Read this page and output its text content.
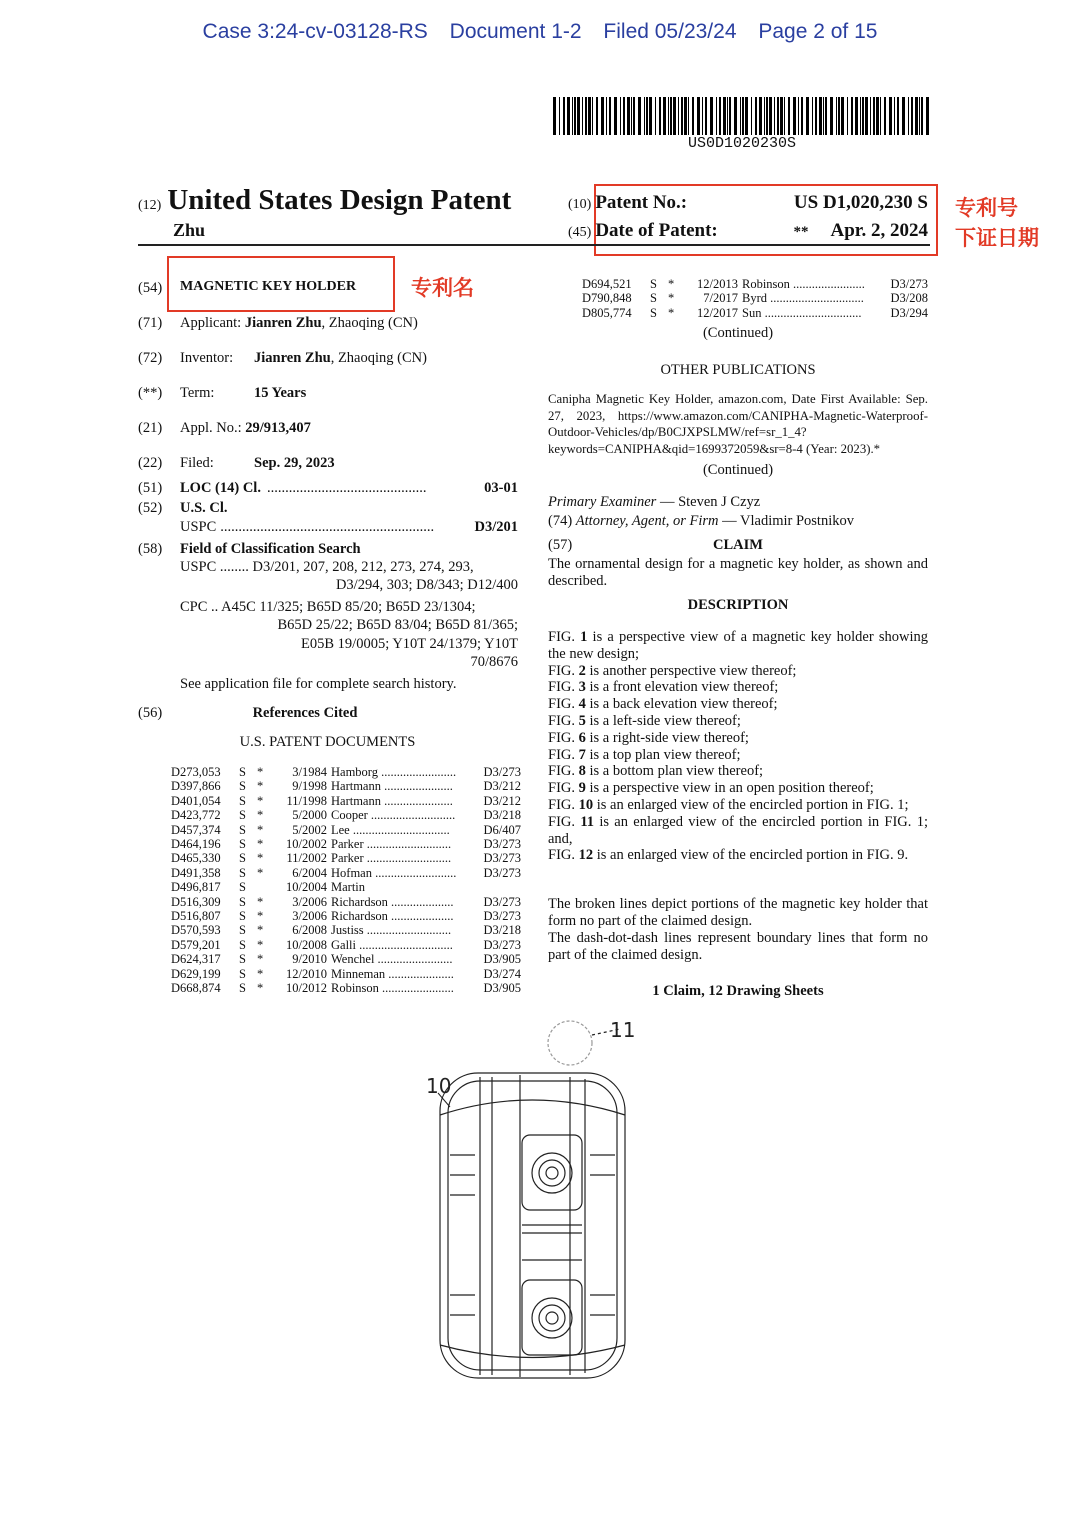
Case 3:24-cv-03128-RS Document 1-2 Filed 05/23/24 Page 2 of 15
US0D1020230S
(12) United States Design Patent
Zhu
(10) Patent No.:	US D1,020,230 S
(45) Date of Patent:	** Apr. 2, 2024
专利号
下证日期
(54)	MAGNETIC KEY HOLDER	专利名
(71) Applicant: Jianren Zhu, Zhaoqing (CN)
(72) Inventor: Jianren Zhu, Zhaoqing (CN)
(**) Term:	15 Years
(21) Appl. No.: 29/913,407
(22) Filed:	Sep. 29, 2023
(51)	LOC (14) Cl. ............................................	03-01
(52) U.S. Cl.
USPC ...........................................................	D3/201
(58) Field of Classification Search
USPC ........ D3/201, 207, 208, 212, 273, 274, 293,
D3/294, 303; D8/343; D12/400
CPC .. A45C 11/325; B65D 85/20; B65D 23/1304;
B65D 25/22; B65D 83/04; B65D 81/365;
E05B 19/0005; Y10T 24/1379; Y10T
70/8676
See application file for complete search history.
(56)	References Cited
U.S. PATENT DOCUMENTS
D273,053	S *	3/1984 Hamborg ........................	D3/273
D397,866	S *	9/1998 Hartmann ......................	D3/212
D401,054	S *	11/1998 Hartmann ......................	D3/212
D423,772	S *	5/2000 Cooper ...........................	D3/218
D457,374	S *	5/2002 Lee ...............................	D6/407
D464,196	S *	10/2002 Parker ...........................	D3/273
D465,330	S *	11/2002 Parker ...........................	D3/273
D491,358	S *	6/2004 Hofman ..........................	D3/273
D496,817	S	10/2004 Martin
D516,309	S *	3/2006 Richardson ....................	D3/273
D516,807	S *	3/2006 Richardson ....................	D3/273
D570,593	S *	6/2008 Justiss ...........................	D3/218
D579,201	S *	10/2008 Galli ..............................	D3/273
D624,317	S *	9/2010 Wenchel ........................	D3/905
D629,199	S *	12/2010 Minneman .....................	D3/274
D668,874	S *	10/2012 Robinson .......................	D3/905
D694,521	S *	12/2013 Robinson .......................	D3/273
D790,848	S *	7/2017 Byrd ..............................	D3/208
D805,774	S *	12/2017 Sun ...............................	D3/294
(Continued)
OTHER PUBLICATIONS
Canipha Magnetic Key Holder, amazon.com, Date First Available: Sep. 27, 2023, https://www.amazon.com/CANIPHA-Magnetic-Waterproof-Outdoor-Vehicles/dp/B0CJXPSLMW/ref=sr_1_4?keywords=CANIPHA&qid=1699372059&sr=8-4 (Year: 2023).*
(Continued)
Primary Examiner — Steven J Czyz
(74) Attorney, Agent, or Firm — Vladimir Postnikov
(57)	CLAIM
The ornamental design for a magnetic key holder, as shown and described.
DESCRIPTION
FIG. 1 is a perspective view of a magnetic key holder showing the new design;
FIG. 2 is another perspective view thereof;
FIG. 3 is a front elevation view thereof;
FIG. 4 is a back elevation view thereof;
FIG. 5 is a left-side view thereof;
FIG. 6 is a right-side view thereof;
FIG. 7 is a top plan view thereof;
FIG. 8 is a bottom plan view thereof;
FIG. 9 is a perspective view in an open position thereof;
FIG. 10 is an enlarged view of the encircled portion in FIG. 1;
FIG. 11 is an enlarged view of the encircled portion in FIG. 1; and,
FIG. 12 is an enlarged view of the encircled portion in FIG. 9.
The broken lines depict portions of the magnetic key holder that form no part of the claimed design.
The dash-dot-dash lines represent boundary lines that form no part of the claimed design.
1 Claim, 12 Drawing Sheets
11
10
